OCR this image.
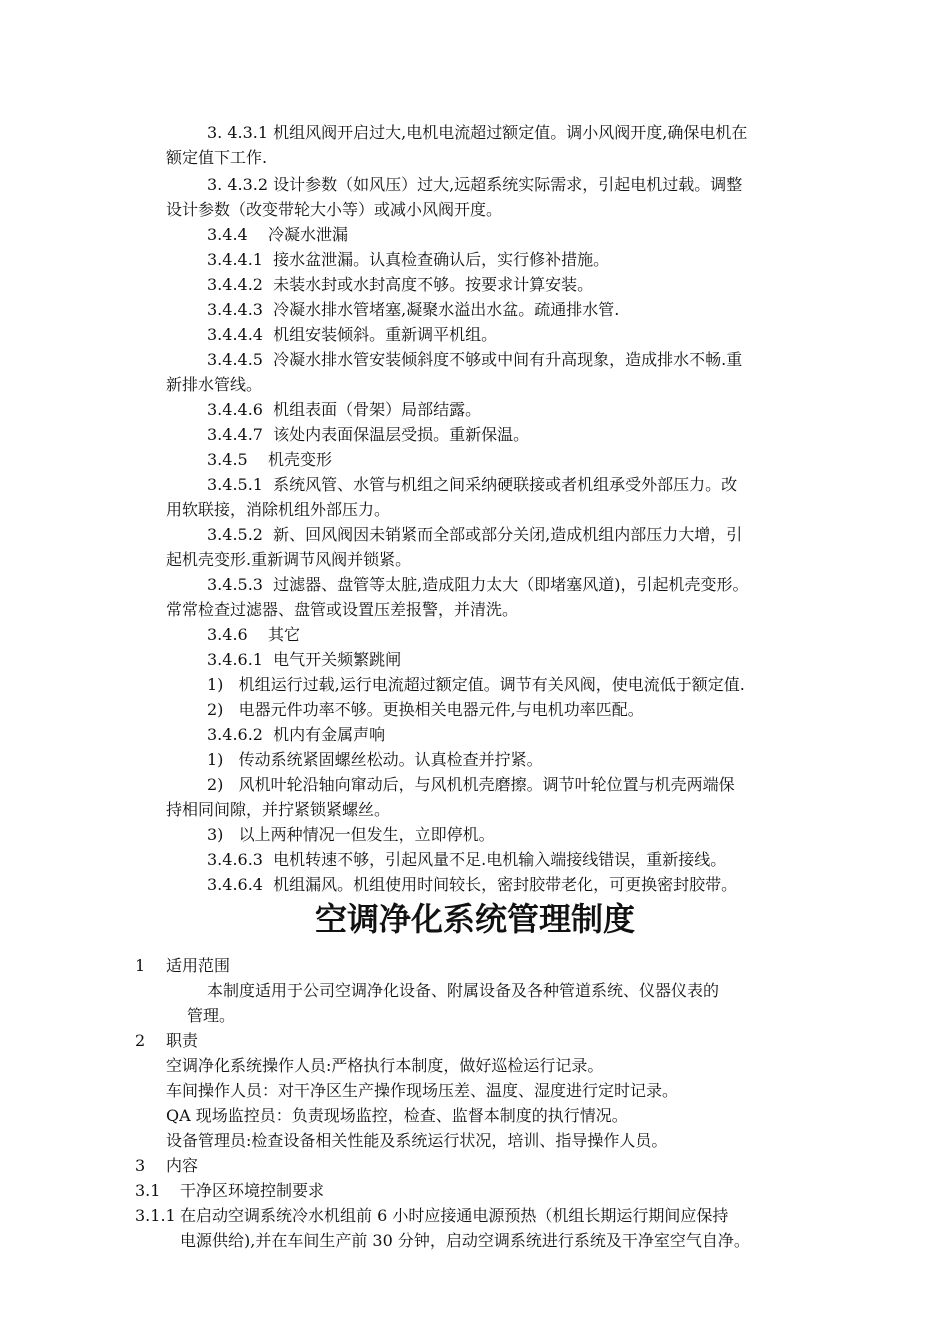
3. 4.3.1 机组风阀开启过大,电机电流超过额定值。调小风阀开度,确保电机在
额定值下工作.
3. 4.3.2 设计参数（如风压）过大,远超系统实际需求，引起电机过载。调整
设计参数（改变带轮大小等）或减小风阀开度。
3.4.4    冷凝水泄漏
3.4.4.1  接水盆泄漏。认真检查确认后，实行修补措施。
3.4.4.2  未装水封或水封高度不够。按要求计算安装。
3.4.4.3  冷凝水排水管堵塞,凝聚水溢出水盆。疏通排水管.
3.4.4.4  机组安装倾斜。重新调平机组。
3.4.4.5  冷凝水排水管安装倾斜度不够或中间有升高现象，造成排水不畅.重
新排水管线。
3.4.4.6  机组表面（骨架）局部结露。
3.4.4.7  该处内表面保温层受损。重新保温。
3.4.5    机壳变形
3.4.5.1  系统风管、水管与机组之间采纳硬联接或者机组承受外部压力。改
用软联接，消除机组外部压力。
3.4.5.2  新、回风阀因未销紧而全部或部分关闭,造成机组内部压力大增，引
起机壳变形.重新调节风阀并锁紧。
3.4.5.3  过滤器、盘管等太脏,造成阻力太大（即堵塞风道)，引起机壳变形。
常常检查过滤器、盘管或设置压差报警，并清洗。
3.4.6    其它
3.4.6.1  电气开关频繁跳闸
1)   机组运行过载,运行电流超过额定值。调节有关风阀，使电流低于额定值.
2)   电器元件功率不够。更换相关电器元件,与电机功率匹配。
3.4.6.2  机内有金属声响
1)   传动系统紧固螺丝松动。认真检查并拧紧。
2)   风机叶轮沿轴向窜动后，与风机机壳磨擦。调节叶轮位置与机壳两端保
持相同间隙，并拧紧锁紧螺丝。
3)   以上两种情况一但发生，立即停机。
3.4.6.3  电机转速不够，引起风量不足.电机输入端接线错误，重新接线。
3.4.6.4  机组漏风。机组使用时间较长，密封胶带老化，可更换密封胶带。
空调净化系统管理制度
1 适用范围
本制度适用于公司空调净化设备、附属设备及各种管道系统、仪器仪表的
管理。
2 职责
空调净化系统操作人员:严格执行本制度，做好巡检运行记录。
车间操作人员：对干净区生产操作现场压差、温度、湿度进行定时记录。
QA 现场监控员：负责现场监控，检查、监督本制度的执行情况。
设备管理员:检查设备相关性能及系统运行状况，培训、指导操作人员。
3 内容
3.1 干净区环境控制要求
3.1.1 在启动空调系统冷水机组前 6 小时应接通电源预热（机组长期运行期间应保持
电源供给),并在车间生产前 30 分钟，启动空调系统进行系统及干净室空气自净。
